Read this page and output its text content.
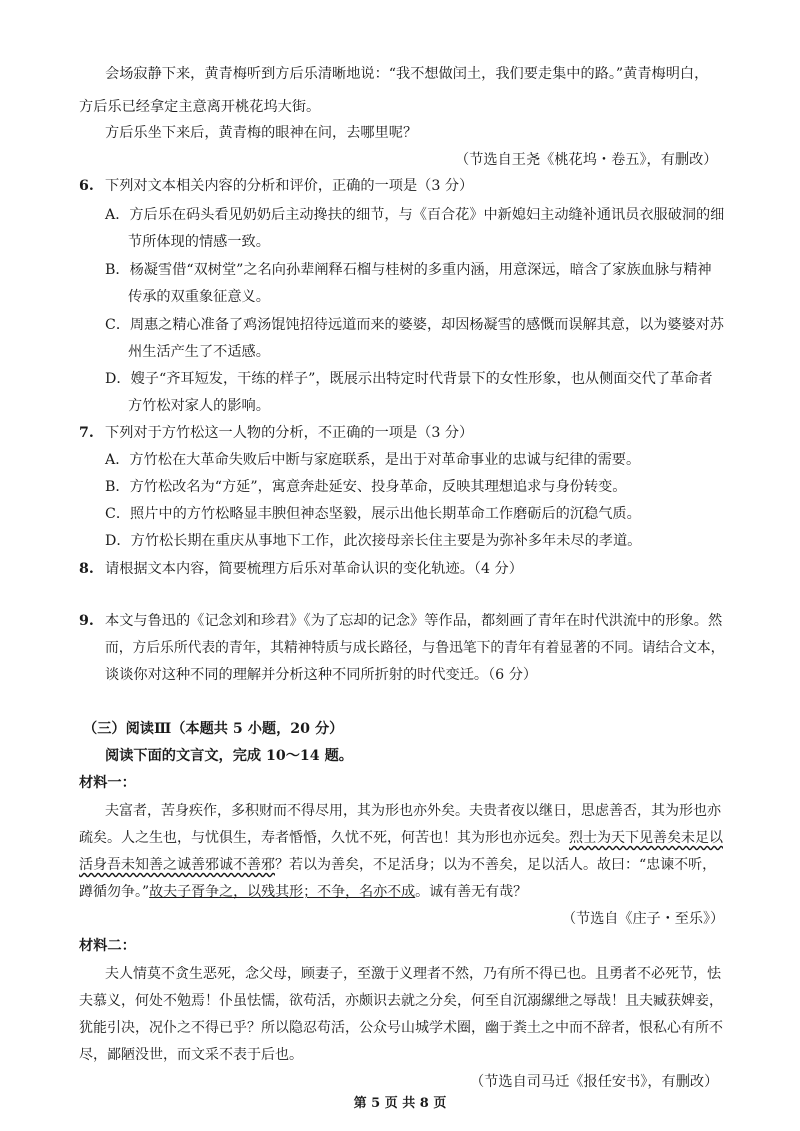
会场寂静下来，黄青梅听到方后乐清晰地说：“我不想做闰土，我们要走集中的路。”黄青梅明白，
方后乐已经拿定主意离开桃花坞大街。
方后乐坐下来后，黄青梅的眼神在问，去哪里呢？
（节选自王尧《桃花坞・卷五》，有删改）
6. 下列对文本相关内容的分析和评价，正确的一项是（3 分）
A．方后乐在码头看见奶奶后主动搀扶的细节，与《百合花》中新媳妇主动缝补通讯员衣服破洞的细
节所体现的情感一致。
B．杨凝雪借“双树堂”之名向孙辈阐释石榴与桂树的多重内涵，用意深远，暗含了家族血脉与精神
传承的双重象征意义。
C．周惠之精心准备了鸡汤馄饨招待远道而来的婆婆，却因杨凝雪的感慨而误解其意，以为婆婆对苏
州生活产生了不适感。
D．嫂子“齐耳短发，干练的样子”，既展示出特定时代背景下的女性形象，也从侧面交代了革命者
方竹松对家人的影响。
7. 下列对于方竹松这一人物的分析，不正确的一项是（3 分）
A．方竹松在大革命失败后中断与家庭联系，是出于对革命事业的忠诚与纪律的需要。
B．方竹松改名为“方延”，寓意奔赴延安、投身革命，反映其理想追求与身份转变。
C．照片中的方竹松略显丰腴但神态坚毅，展示出他长期革命工作磨砺后的沉稳气质。
D．方竹松长期在重庆从事地下工作，此次接母亲长住主要是为弥补多年未尽的孝道。
8. 请根据文本内容，简要梳理方后乐对革命认识的变化轨迹。（4 分）
9. 本文与鲁迅的《记念刘和珍君》《为了忘却的记念》等作品，都刻画了青年在时代洪流中的形象。然
而，方后乐所代表的青年，其精神特质与成长路径，与鲁迅笔下的青年有着显著的不同。请结合文本，
谈谈你对这种不同的理解并分析这种不同所折射的时代变迁。（6 分）
（三）阅读Ⅲ（本题共 5 小题，20 分）
阅读下面的文言文，完成 10～14 题。
材料一：
夫富者，苦身疾作，多积财而不得尽用，其为形也亦外矣。夫贵者夜以继日，思虑善否，其为形也亦
疏矣。人之生也，与忧俱生，寿者惛惛，久忧不死，何苦也！其为形也亦远矣。烈士为天下见善矣未足以
活身吾未知善之诚善邪诚不善邪？若以为善矣，不足活身；以为不善矣，足以活人。故曰：“忠谏不听，
蹲循勿争。”故夫子胥争之，以残其形；不争，名亦不成。诚有善无有哉？
（节选自《庄子・至乐》）
材料二：
夫人情莫不贪生恶死，念父母，顾妻子，至激于义理者不然，乃有所不得已也。且勇者不必死节，怯
夫慕义，何处不勉焉！仆虽怯懦，欲苟活，亦颇识去就之分矣，何至自沉溺縲绁之辱哉！且夫臧获婢妾，
犹能引决，况仆之不得已乎？所以隐忍苟活，公众号山城学术圈，幽于粪土之中而不辞者，恨私心有所不
尽，鄙陋没世，而文采不表于后也。
（节选自司马迁《报任安书》，有删改）
第 5 页 共 8 页
